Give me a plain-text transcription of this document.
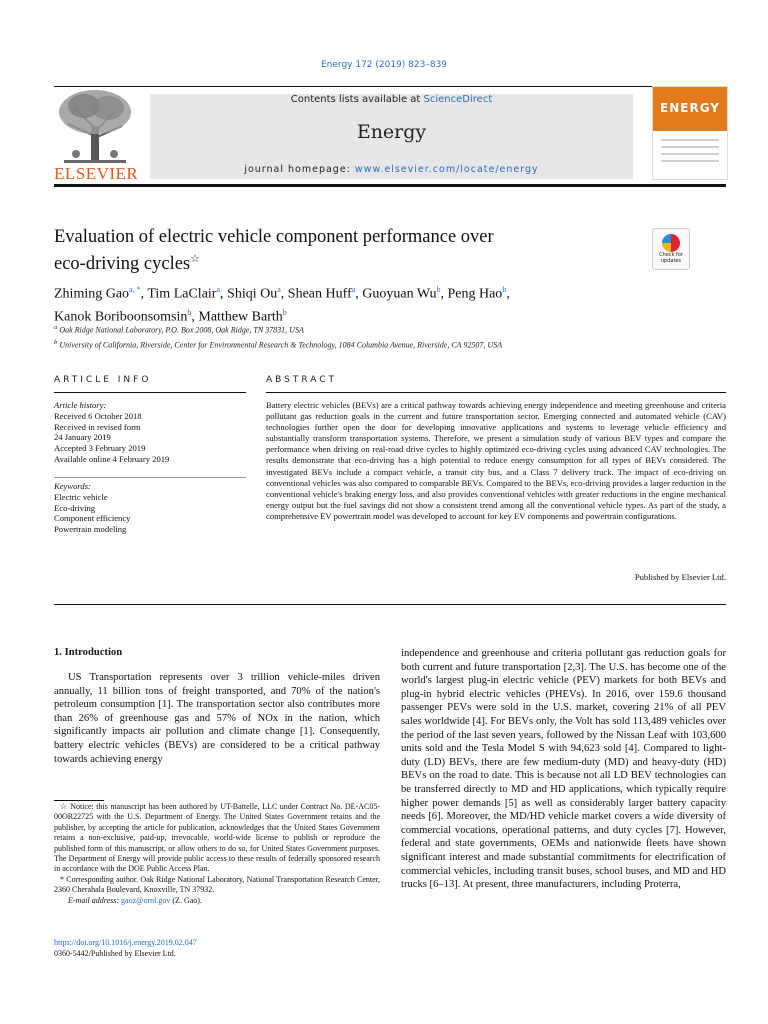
Energy 172 (2019) 823–839
ELSEVIER
Contents lists available at ScienceDirect
Energy
journal homepage: www.elsevier.com/locate/energy
ENERGY
Evaluation of electric vehicle component performance over
eco-driving cycles☆	Check for
updates
Zhiming Gao$^{a, *}$, Tim LaClair$^a$, Shiqi Ou$^a$, Shean Huff$^a$, Guoyuan Wu$^b$, Peng Hao$^b$,
Kanok Boriboonsomsin$^b$, Matthew Barth$^b$
$^a$ Oak Ridge National Laboratory, P.O. Box 2008, Oak Ridge, TN 37831, USA
$^b$ University of California, Riverside, Center for Environmental Research & Technology, 1084 Columbia Avenue, Riverside, CA 92507, USA
ARTICLE INFO	ABSTRACT
Article history:
Received 6 October 2018
Received in revised form
24 January 2019
Accepted 3 February 2019
Available online 4 February 2019
Keywords:
Electric vehicle
Eco-driving
Component efficiency
Powertrain modeling
Battery electric vehicles (BEVs) are a critical pathway towards achieving energy independence and meeting greenhouse and criteria pollutant gas reduction goals in the current and future transportation sector. Emerging connected and automated vehicle (CAV) technologies further open the door for developing innovative applications and systems to leverage vehicle efficiency and substantially transform transportation systems. Therefore, we present a simulation study of various BEV types and compare the performance when driving on real-road drive cycles to highly optimized eco-driving cycles using advanced CAV technologies. The results demonstrate that eco-driving has a high potential to reduce energy consumption for all types of BEVs considered. The investigated BEVs include a compact vehicle, a transit city bus, and a Class 7 delivery truck. The impact of eco-driving on conventional vehicles was also compared to comparable BEVs. Compared to the BEVs, eco-driving provides a larger reduction in the conventional vehicle's braking energy loss, and also provides conventional vehicles with greater reductions in the engine mechanical energy output but the fuel savings did not show a consistent trend among all the conventional vehicle types. As part of the study, a comprehensive EV powertrain model was developed to account for key EV components and powertrain configurations.
Published by Elsevier Ltd.
1. Introduction
US Transportation represents over 3 trillion vehicle-miles driven annually, 11 billion tons of freight transported, and 70% of the nation's petroleum consumption [1]. The transportation sector also contributes more than 26% of greenhouse gas and 57% of NOx in the nation, which significantly impacts air pollution and climate change [1]. Consequently, battery electric vehicles (BEVs) are considered to be a critical pathway towards achieving energy
independence and greenhouse and criteria pollutant gas reduction goals for both current and future transportation [2,3]. The U.S. has become one of the world's largest plug-in electric vehicle (PEV) markets for both BEVs and plug-in hybrid electric vehicles (PHEVs). In 2016, over 159.6 thousand passenger PEVs were sold in the U.S. market, covering 21% of all PEV sales worldwide [4]. For BEVs only, the Volt has sold 113,489 vehicles over the period of the last seven years, followed by the Nissan Leaf with 103,600 units sold and the Tesla Model S with 94,623 sold [4]. Compared to light-duty (LD) BEVs, there are few medium-duty (MD) and heavy-duty (HD) BEVs on the road to date. This is because not all LD BEV technologies can be transferred directly to MD and HD applications, which typically require higher power demands [5] as well as considerably larger battery capacity needs [6]. Moreover, the MD/HD vehicle market covers a wide diversity of commercial vocations, operational patterns, and duty cycles [7]. However, federal and state governments, OEMs and nationwide fleets have shown significant interest and made substantial commitments for electrification of commercial vehicles, including transit buses, school buses, and MD and HD trucks [6–13]. At present, three manufacturers, including Proterra,
☆ Notice: this manuscript has been authored by UT-Battelle, LLC under Contract No. DE-AC05-00OR22725 with the U.S. Department of Energy. The United States Government retains and the publisher, by accepting the article for publication, acknowledges that the United States Government retains a non-exclusive, paid-up, irrevocable, world-wide license to publish or reproduce the published form of this manuscript, or allow others to do so, for United States Government purposes. The Department of Energy will provide public access to these results of federally sponsored research in accordance with the DOE Public Access Plan.
* Corresponding author. Oak Ridge National Laboratory, National Transportation Research Center, 2360 Cherahala Boulevard, Knoxville, TN 37932.
E-mail address: gaoz@ornl.gov (Z. Gao).
https://doi.org/10.1016/j.energy.2019.02.047
0360-5442/Published by Elsevier Ltd.
